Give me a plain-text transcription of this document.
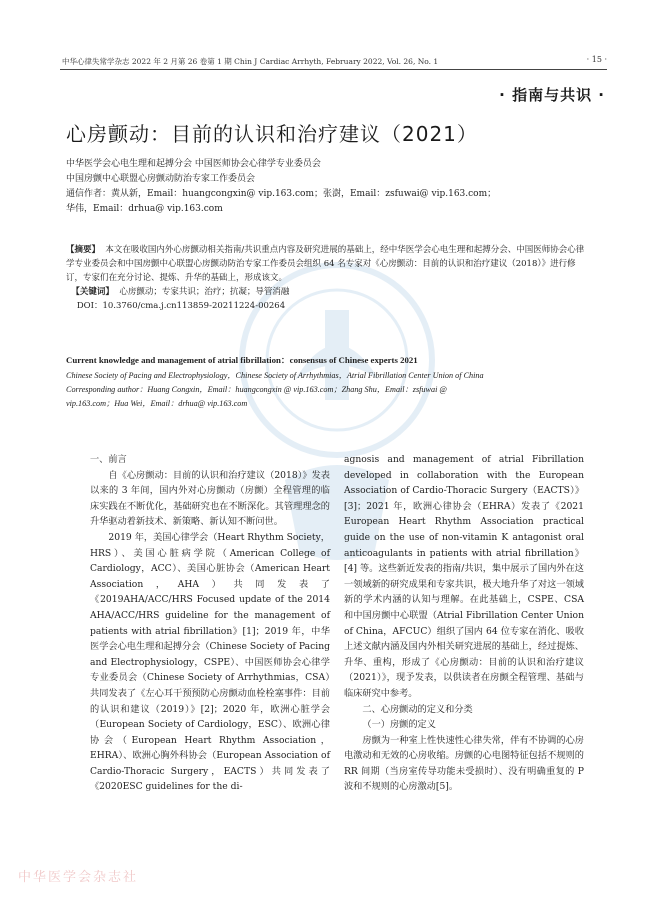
中华心律失常学杂志 2022 年 2 月第 26 卷第 1 期 Chin J Cardiac Arrhyth, February 2022, Vol. 26, No. 1	· 15 ·
· 指南与共识 ·
心房颤动：目前的认识和治疗建议（2021）
中华医学会心电生理和起搏分会 中国医师协会心律学专业委员会
中国房颤中心联盟心房颤动防治专家工作委员会
通信作者：黄从新，Email：huangcongxin@ vip.163.com；张澍，Email：zsfuwai@ vip.163.com；
华伟，Email：drhua@ vip.163.com

【摘要】 本文在吸收国内外心房颤动相关指南/共识重点内容及研究进展的基础上，经中华医学会心电生理和起搏分会、中国医师协会心律学专业委员会和中国房颤中心联盟心房颤动防治专家工作委员会组织 64 名专家对《心房颤动：目前的认识和治疗建议（2018）》进行修订，专家们在充分讨论、提炼、升华的基础上，形成该文。

【关键词】 心房颤动；专家共识；治疗；抗凝；导管消融

DOI：10.3760/cma.j.cn113859-20211224-00264

Current knowledge and management of atrial fibrillation：consensus of Chinese experts 2021
Chinese Society of Pacing and Electrophysiology，Chinese Society of Arrhythmias，Atrial Fibrillation Center Union of China
Corresponding author：Huang Congxin，Email：huangcongxin @ vip.163.com；Zhang Shu，Email：zsfuwai @
vip.163.com；Hua Wei，Email：drhua@ vip.163.com

一、前言

自《心房颤动：目前的认识和治疗建议（2018）》发表以来的 3 年间，国内外对心房颤动（房颤）全程管理的临床实践在不断优化，基础研究也在不断深化。其管理理念的升华驱动着新技术、新策略、新认知不断问世。

2019 年，美国心律学会（Heart Rhythm Society，HRS）、美国心脏病学院（American College of Cardiology，ACC）、美国心脏协会（American Heart Association，AHA）共同发表了《2019AHA/ACC/HRS Focused update of the 2014 AHA/ACC/HRS guideline for the management of patients with atrial fibrillation》[1]；2019 年，中华医学会心电生理和起搏分会（Chinese Society of Pacing and Electrophysiology，CSPE）、中国医师协会心律学专业委员会（Chinese Society of Arrhythmias，CSA）共同发表了《左心耳干预预防心房颤动血栓栓塞事件：目前的认识和建议（2019）》[2]；2020 年，欧洲心脏学会（European Society of Cardiology，ESC）、欧洲心律协会（European Heart Rhythm Association，EHRA）、欧洲心胸外科协会（European Association of Cardio-Thoracic Surgery，EACTS）共同发表了《2020ESC guidelines for the di-

agnosis and management of atrial Fibrillation developed in collaboration with the European Association of Cardio-Thoracic Surgery（EACTS）》[3]；2021 年，欧洲心律协会（EHRA）发表了《2021 European Heart Rhythm Association practical guide on the use of non-vitamin K antagonist oral anticoagulants in patients with atrial fibrillation》[4] 等。这些新近发表的指南/共识，集中展示了国内外在这一领域新的研究成果和专家共识，极大地升华了对这一领域新的学术内涵的认知与理解。在此基础上，CSPE、CSA 和中国房颤中心联盟（Atrial Fibrillation Center Union of China，AFCUC）组织了国内 64 位专家在消化、吸收上述文献内涵及国内外相关研究进展的基础上，经过提炼、升华、重构，形成了《心房颤动：目前的认识和治疗建议（2021）》，现予发表，以供读者在房颤全程管理、基础与临床研究中参考。

二、心房颤动的定义和分类

（一）房颤的定义

房颤为一种室上性快速性心律失常，伴有不协调的心房电激动和无效的心房收缩。房颤的心电图特征包括不规则的 RR 间期（当房室传导功能未受损时）、没有明确重复的 P 波和不规则的心房激动[5]。

中华医学会杂志社
